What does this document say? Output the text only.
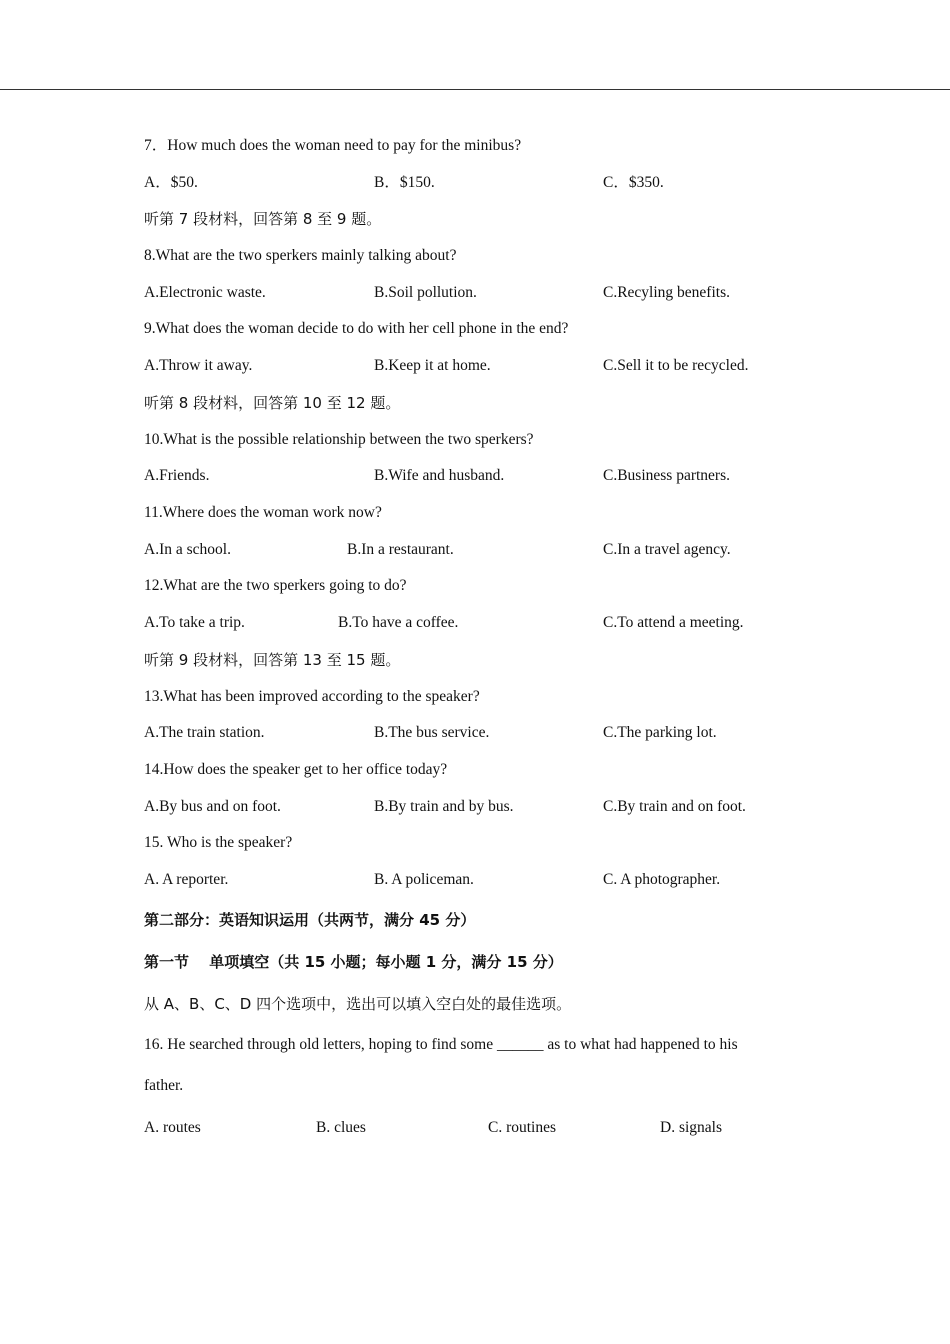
7．How much does the woman need to pay for the minibus?
A．$50.	B．$150.	C．$350.
听第 7 段材料，回答第 8 至 9 题。
8.What are the two sperkers mainly talking about?
A.Electronic waste.	B.Soil pollution.	C.Recyling benefits.
9.What does the woman decide to do with her cell phone in the end?
A.Throw it away.	B.Keep it at home.	C.Sell it to be recycled.
听第 8 段材料，回答第 10 至 12 题。
10.What is the possible relationship between the two sperkers?
A.Friends.	B.Wife and husband.	C.Business partners.
11.Where does the woman work now?
A.In a school.	B.In a restaurant.	C.In a travel agency.
12.What are the two sperkers going to do?
A.To take a trip.	B.To have a coffee.	C.To attend a meeting.
听第 9 段材料，回答第 13 至 15 题。
13.What has been improved according to the speaker?
A.The train station.	B.The bus service.	C.The parking lot.
14.How does the speaker get to her office today?
A.By bus and on foot.	B.By train and by bus.	C.By train and on foot.
15. Who is the speaker?
A. A reporter.	B. A policeman.	C. A photographer.
第二部分：英语知识运用（共两节，满分 45 分）
第一节　 单项填空（共 15 小题；每小题 1 分，满分 15 分）
从 A、B、C、D 四个选项中，选出可以填入空白处的最佳选项。
16. He searched through old letters, hoping to find some ______ as to what had happened to his
father.
A. routes	B. clues	C. routines	D. signals
